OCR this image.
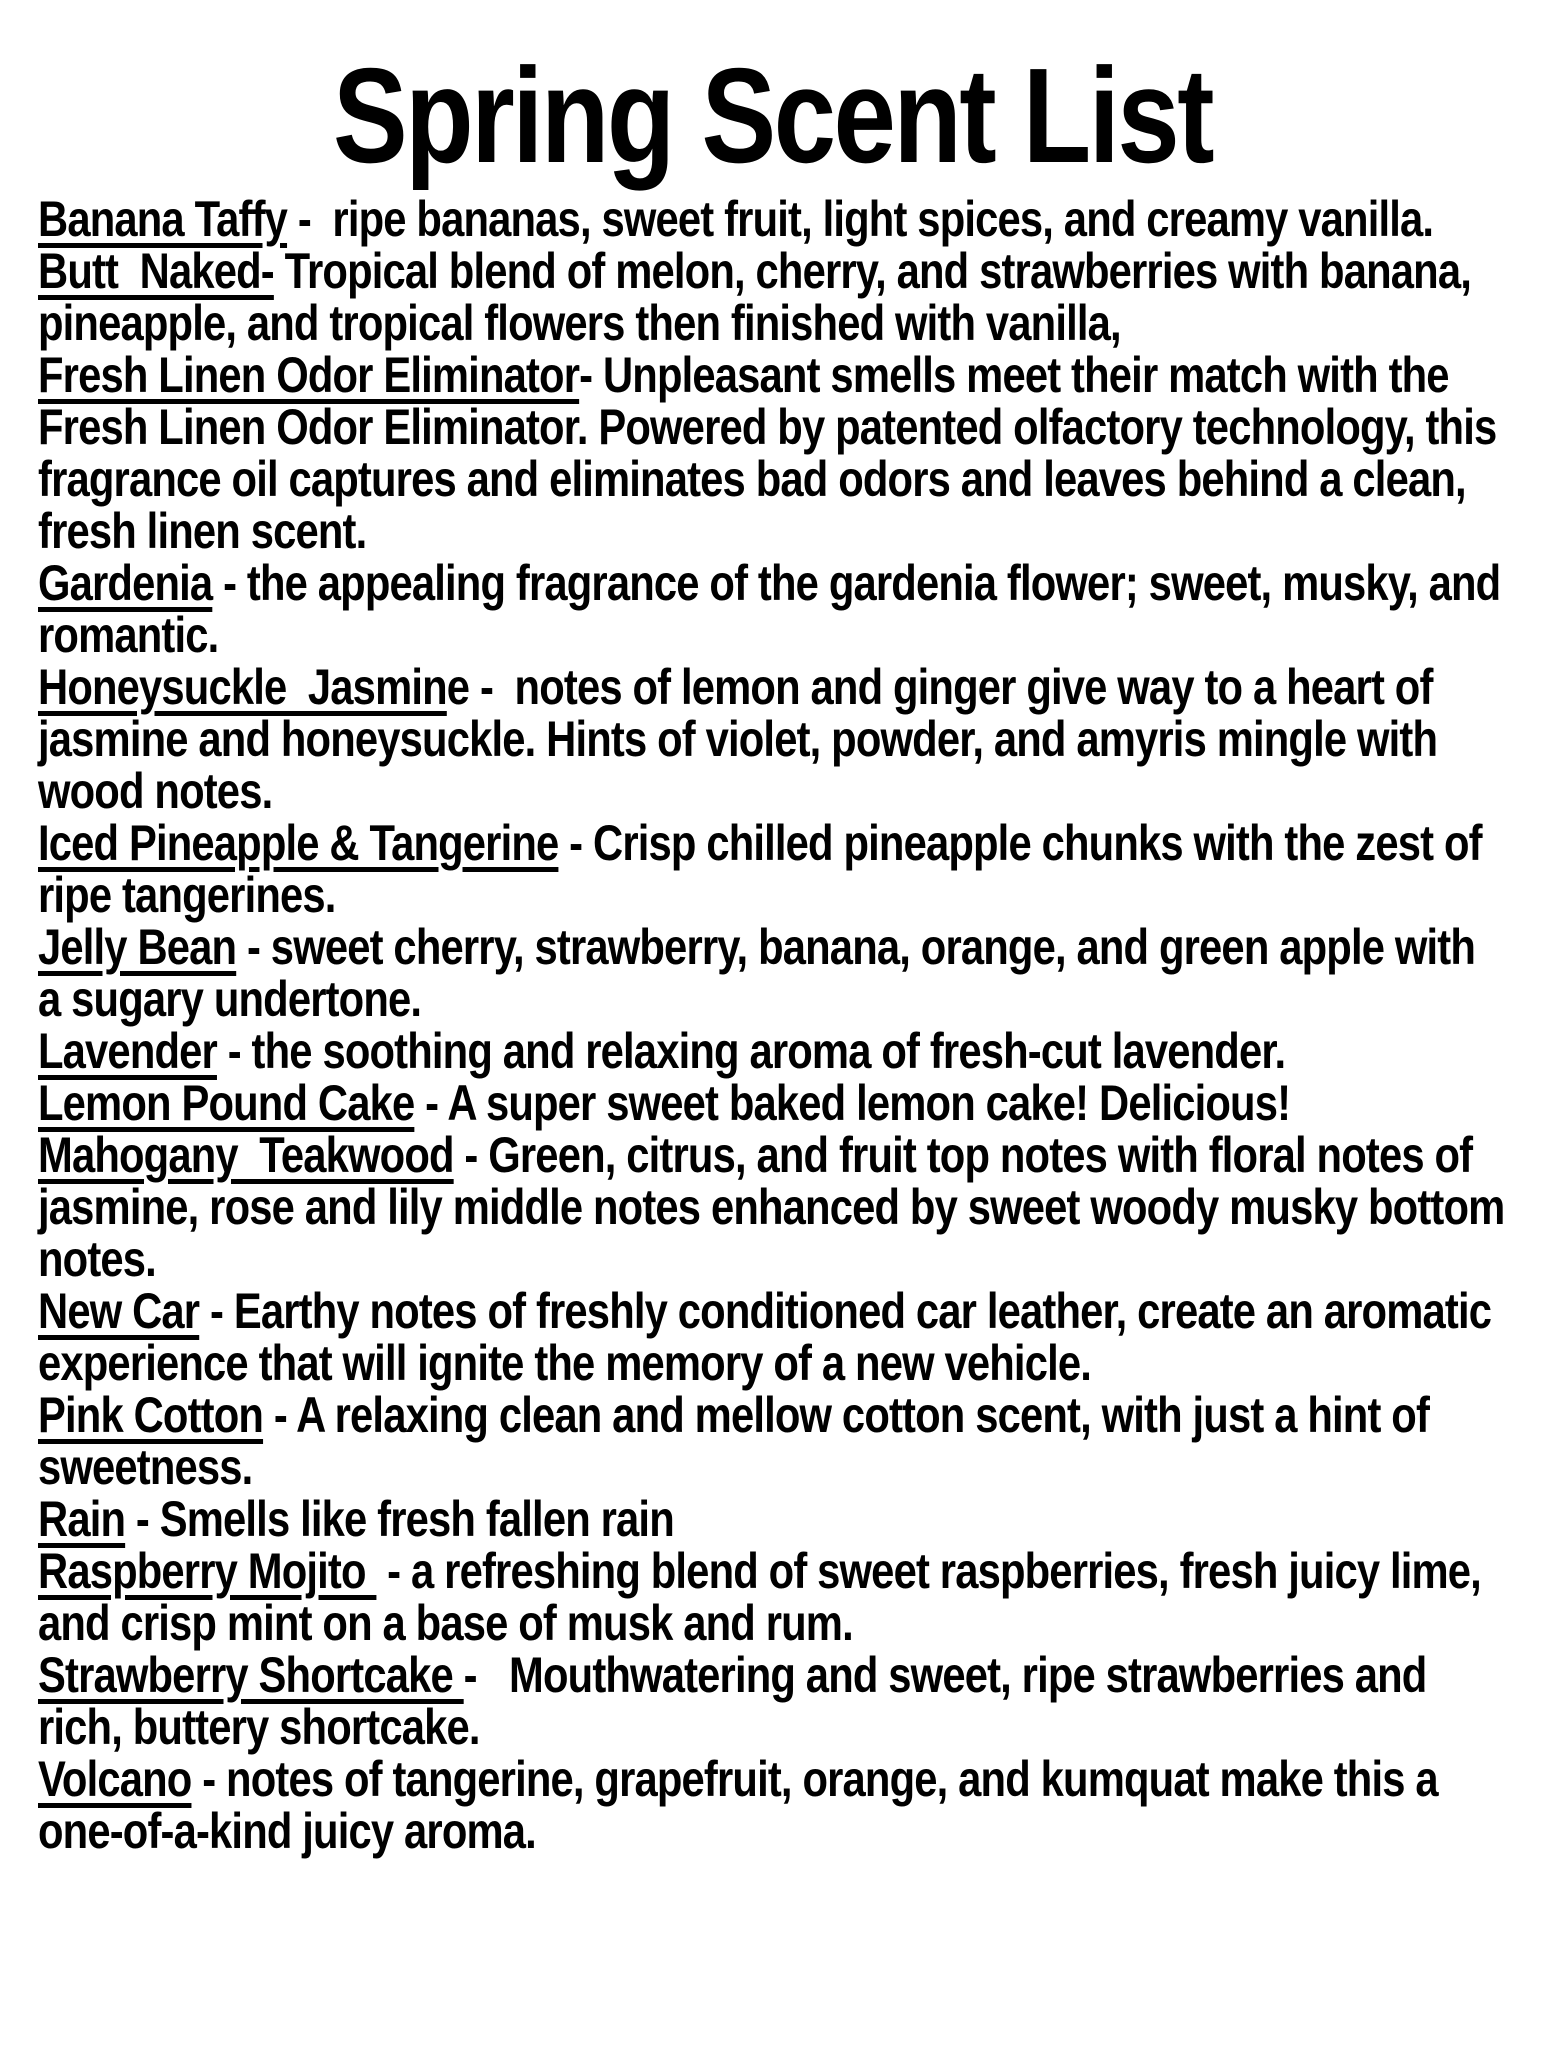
Spring Scent List

Banana Taffy -  ripe bananas, sweet fruit, light spices, and creamy vanilla.

Butt  Naked- Tropical blend of melon, cherry, and strawberries with banana, pineapple, and tropical flowers then finished with vanilla,

Fresh Linen Odor Eliminator- Unpleasant smells meet their match with the Fresh Linen Odor Eliminator. Powered by patented olfactory technology, this fragrance oil captures and eliminates bad odors and leaves behind a clean, fresh linen scent.

Gardenia - the appealing fragrance of the gardenia flower; sweet, musky, and romantic.

Honeysuckle  Jasmine -  notes of lemon and ginger give way to a heart of jasmine and honeysuckle. Hints of violet, powder, and amyris mingle with wood notes.

Iced Pineapple & Tangerine - Crisp chilled pineapple chunks with the zest of ripe tangerines.

Jelly Bean - sweet cherry, strawberry, banana, orange, and green apple with a sugary undertone.

Lavender - the soothing and relaxing aroma of fresh-cut lavender.

Lemon Pound Cake - A super sweet baked lemon cake! Delicious!

Mahogany  Teakwood - Green, citrus, and fruit top notes with floral notes of jasmine, rose and lily middle notes enhanced by sweet woody musky bottom notes.

New Car - Earthy notes of freshly conditioned car leather, create an aromatic experience that will ignite the memory of a new vehicle.

Pink Cotton - A relaxing clean and mellow cotton scent, with just a hint of sweetness.

Rain - Smells like fresh fallen rain

Raspberry Mojito  - a refreshing blend of sweet raspberries, fresh juicy lime, and crisp mint on a base of musk and rum.

Strawberry Shortcake -   Mouthwatering and sweet, ripe strawberries and rich, buttery shortcake.

Volcano - notes of tangerine, grapefruit, orange, and kumquat make this a one-of-a-kind juicy aroma.
